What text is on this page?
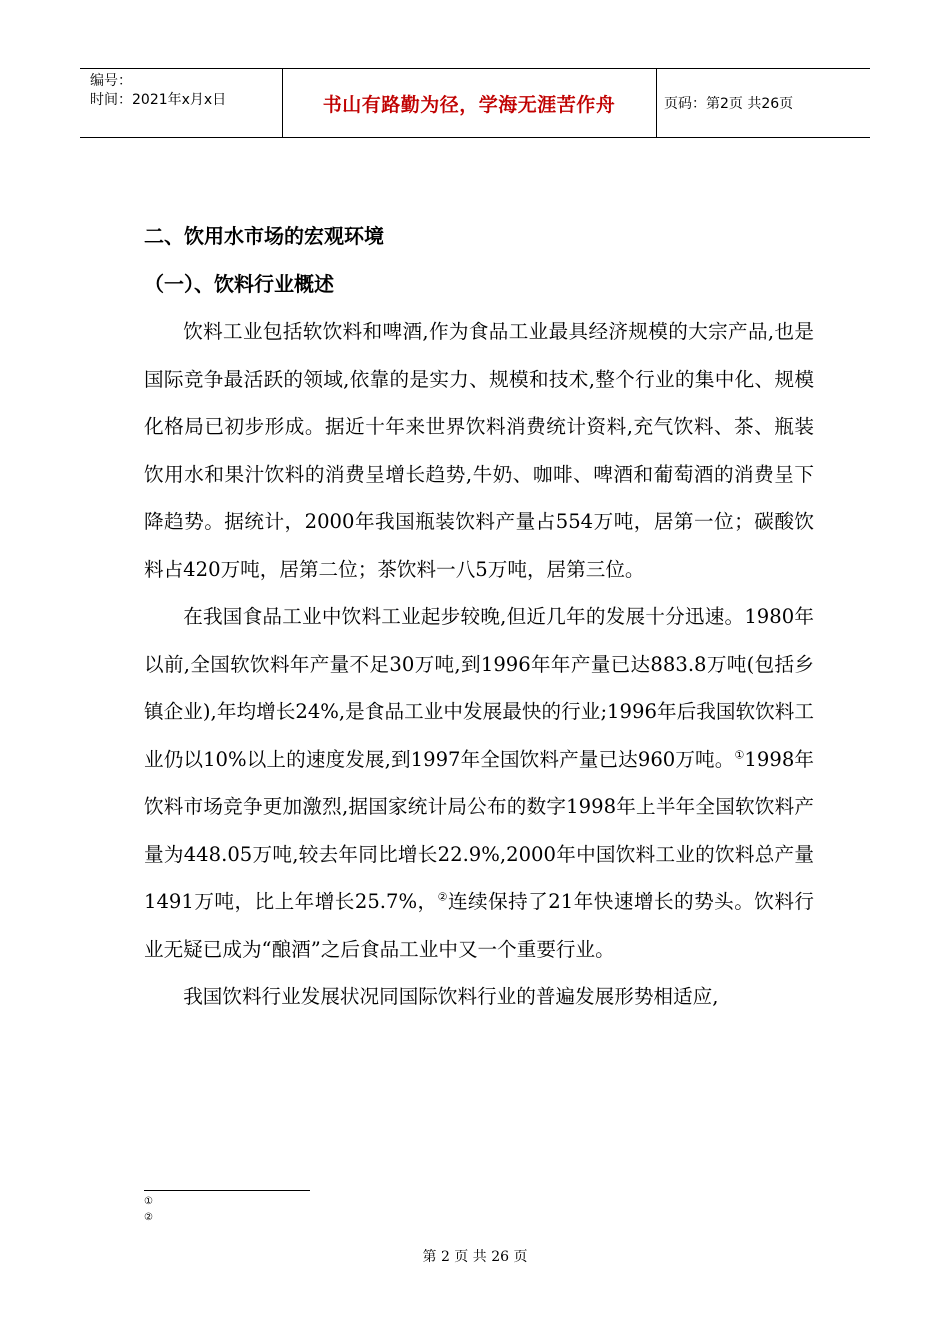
编号：
时间：2021年x月x日	书山有路勤为径，学海无涯苦作舟	页码：第2页 共26页
二、饮用水市场的宏观环境
（一）、饮料行业概述

饮料工业包括软饮料和啤酒,作为食品工业最具经济规模的大宗产品,也是国际竞争最活跃的领域,依靠的是实力、规模和技术,整个行业的集中化、规模化格局已初步形成。据近十年来世界饮料消费统计资料,充气饮料、茶、瓶装饮用水和果汁饮料的消费呈增长趋势,牛奶、咖啡、啤酒和葡萄酒的消费呈下降趋势。据统计，2000年我国瓶装饮料产量占554万吨，居第一位；碳酸饮料占420万吨，居第二位；茶饮料一八5万吨，居第三位。

在我国食品工业中饮料工业起步较晚,但近几年的发展十分迅速。1980年以前,全国软饮料年产量不足30万吨,到1996年年产量已达883.8万吨(包括乡镇企业),年均增长24%,是食品工业中发展最快的行业;1996年后我国软饮料工业仍以10%以上的速度发展,到1997年全国饮料产量已达960万吨。①1998年饮料市场竞争更加激烈,据国家统计局公布的数字1998年上半年全国软饮料产量为448.05万吨,较去年同比增长22.9%,2000年中国饮料工业的饮料总产量1491万吨，比上年增长25.7%，②连续保持了21年快速增长的势头。饮料行业无疑已成为“酿酒”之后食品工业中又一个重要行业。

我国饮料行业发展状况同国际饮料行业的普遍发展形势相适应,

①
②
第 2 页 共 26 页
